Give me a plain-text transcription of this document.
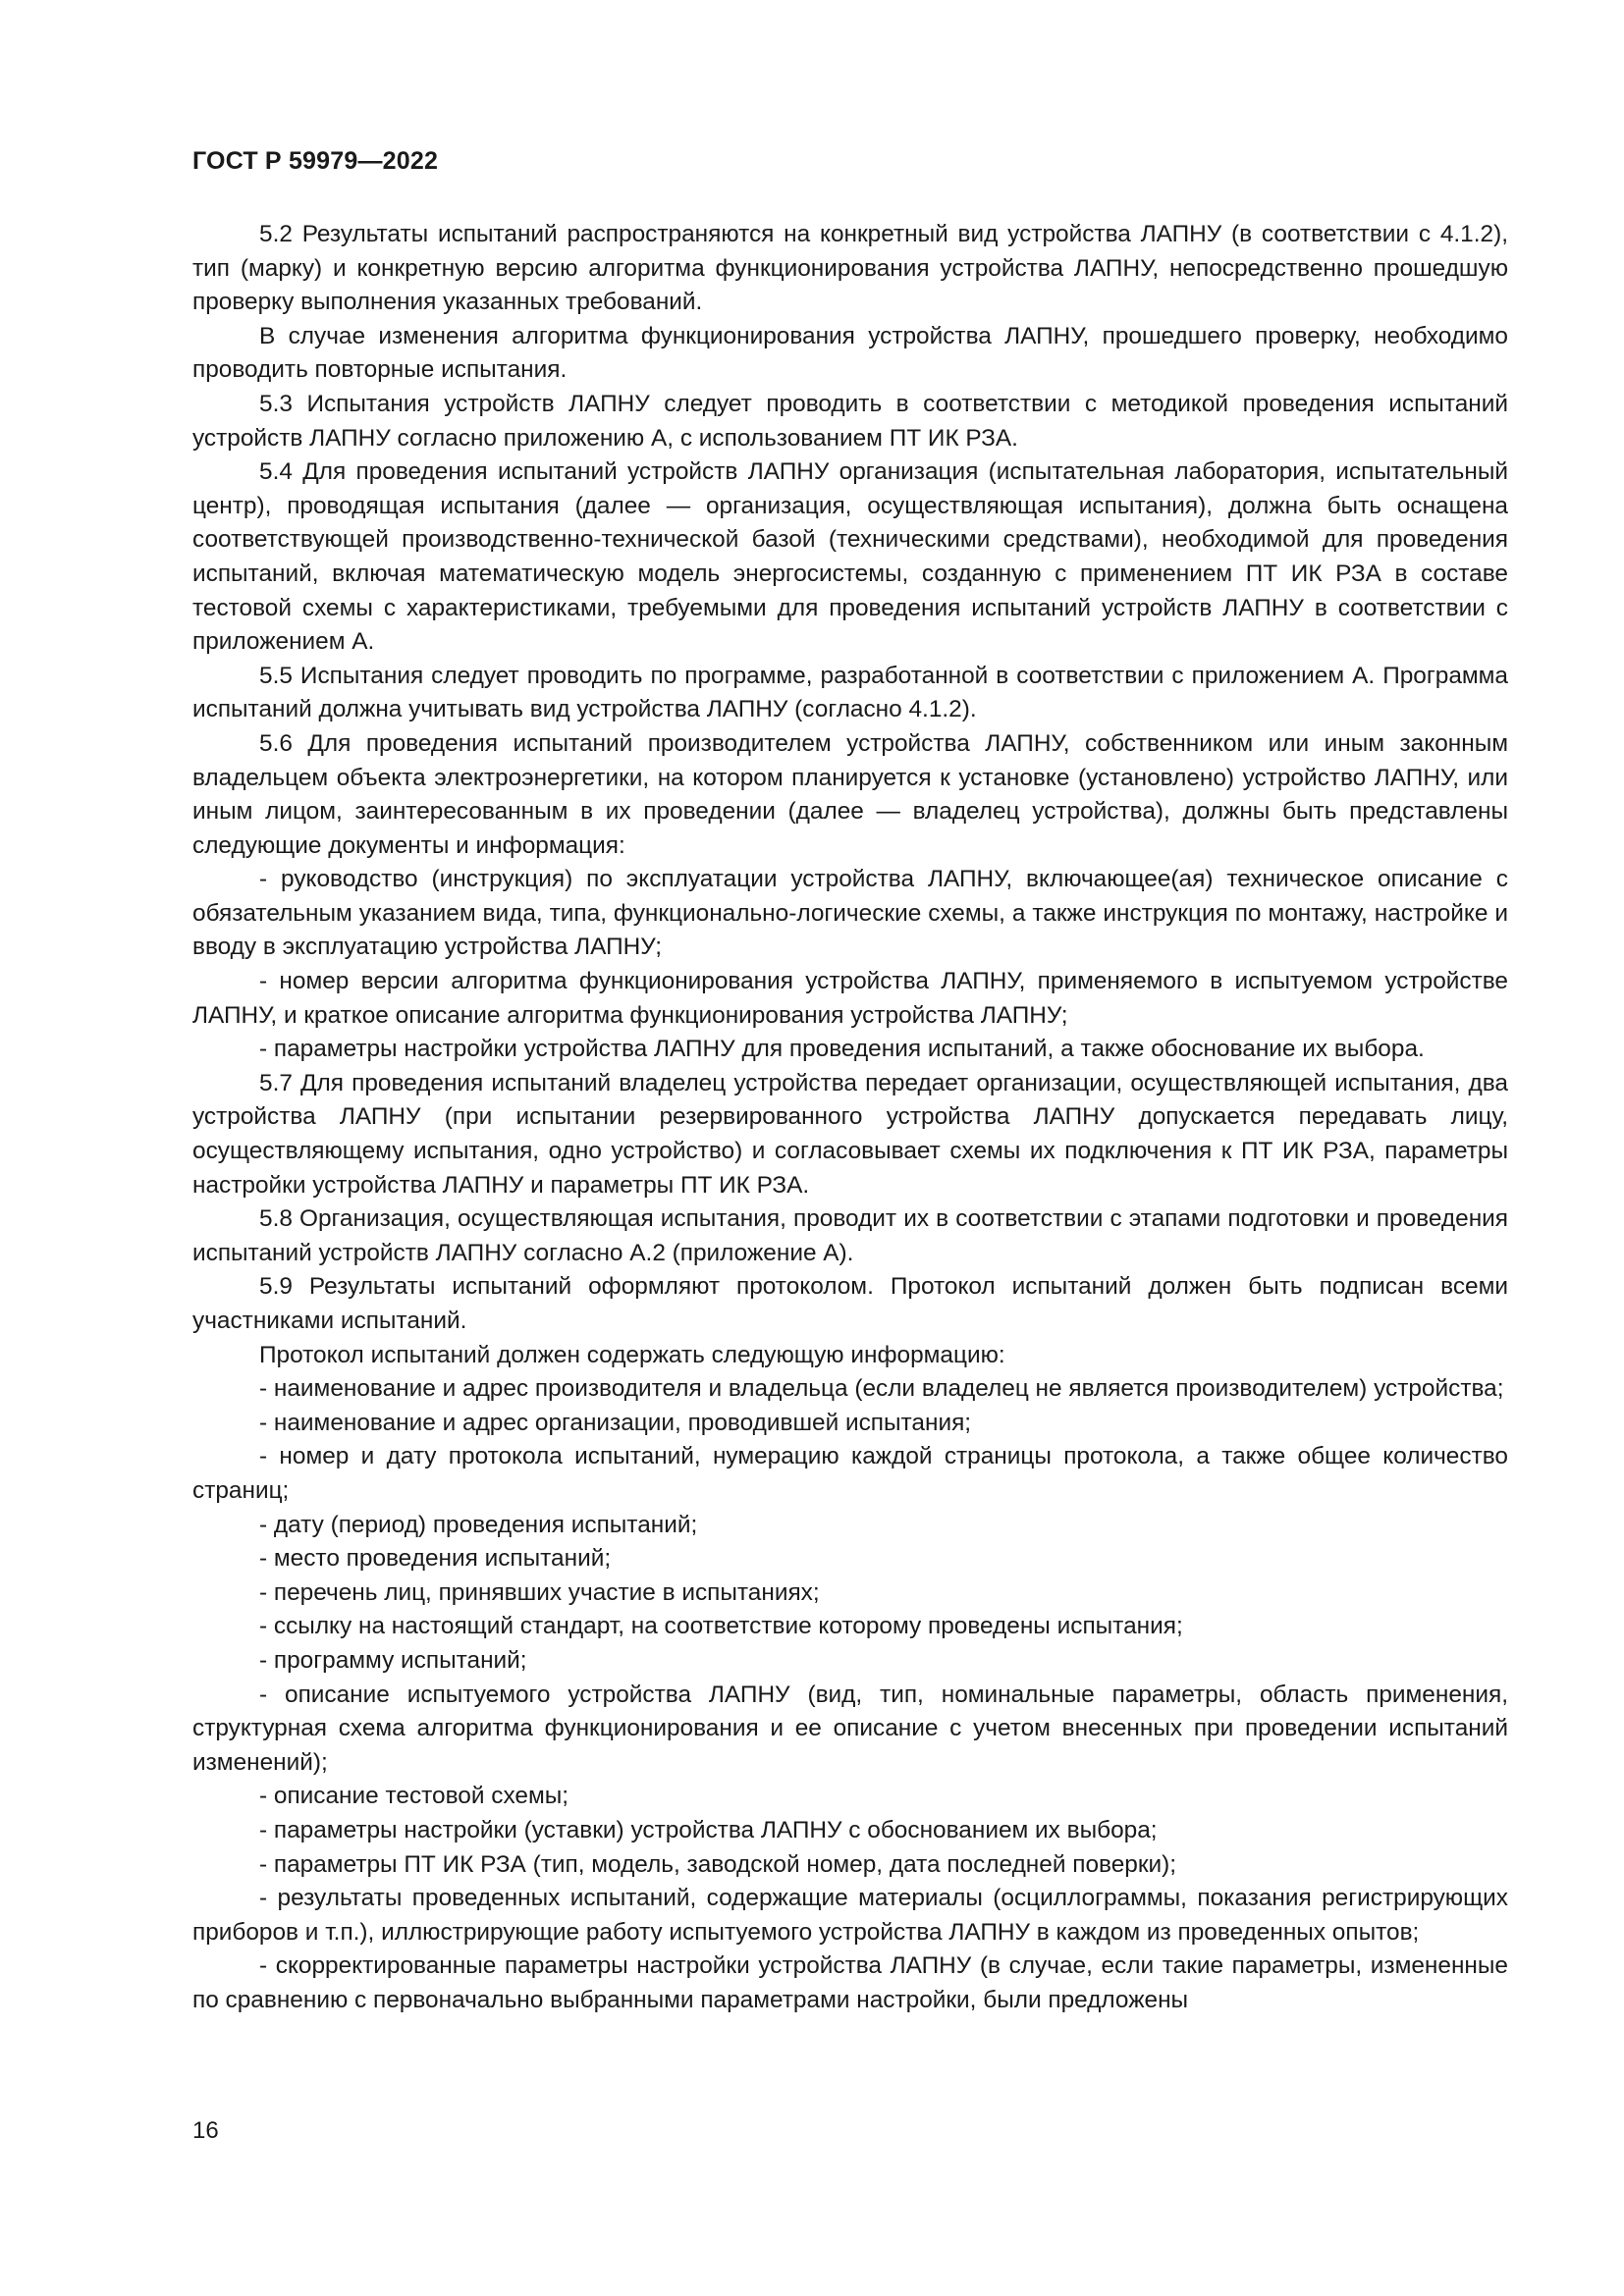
ГОСТ Р 59979—2022

5.2 Результаты испытаний распространяются на конкретный вид устройства ЛАПНУ (в соответствии с 4.1.2), тип (марку) и конкретную версию алгоритма функционирования устройства ЛАПНУ, непосредственно прошедшую проверку выполнения указанных требований.

В случае изменения алгоритма функционирования устройства ЛАПНУ, прошедшего проверку, необходимо проводить повторные испытания.

5.3 Испытания устройств ЛАПНУ следует проводить в соответствии с методикой проведения испытаний устройств ЛАПНУ согласно приложению А, с использованием ПТ ИК РЗА.

5.4 Для проведения испытаний устройств ЛАПНУ организация (испытательная лаборатория, испытательный центр), проводящая испытания (далее — организация, осуществляющая испытания), должна быть оснащена соответствующей производственно-технической базой (техническими средствами), необходимой для проведения испытаний, включая математическую модель энергосистемы, созданную с применением ПТ ИК РЗА в составе тестовой схемы с характеристиками, требуемыми для проведения испытаний устройств ЛАПНУ в соответствии с приложением А.

5.5 Испытания следует проводить по программе, разработанной в соответствии с приложением А. Программа испытаний должна учитывать вид устройства ЛАПНУ (согласно 4.1.2).

5.6 Для проведения испытаний производителем устройства ЛАПНУ, собственником или иным законным владельцем объекта электроэнергетики, на котором планируется к установке (установлено) устройство ЛАПНУ, или иным лицом, заинтересованным в их проведении (далее — владелец устройства), должны быть представлены следующие документы и информация:

- руководство (инструкция) по эксплуатации устройства ЛАПНУ, включающее(ая) техническое описание с обязательным указанием вида, типа, функционально-логические схемы, а также инструкция по монтажу, настройке и вводу в эксплуатацию устройства ЛАПНУ;

- номер версии алгоритма функционирования устройства ЛАПНУ, применяемого в испытуемом устройстве ЛАПНУ, и краткое описание алгоритма функционирования устройства ЛАПНУ;

- параметры настройки устройства ЛАПНУ для проведения испытаний, а также обоснование их выбора.

5.7 Для проведения испытаний владелец устройства передает организации, осуществляющей испытания, два устройства ЛАПНУ (при испытании резервированного устройства ЛАПНУ допускается передавать лицу, осуществляющему испытания, одно устройство) и согласовывает схемы их подключения к ПТ ИК РЗА, параметры настройки устройства ЛАПНУ и параметры ПТ ИК РЗА.

5.8 Организация, осуществляющая испытания, проводит их в соответствии с этапами подготовки и проведения испытаний устройств ЛАПНУ согласно А.2 (приложение А).

5.9 Результаты испытаний оформляют протоколом. Протокол испытаний должен быть подписан всеми участниками испытаний.

Протокол испытаний должен содержать следующую информацию:

- наименование и адрес производителя и владельца (если владелец не является производителем) устройства;

- наименование и адрес организации, проводившей испытания;

- номер и дату протокола испытаний, нумерацию каждой страницы протокола, а также общее количество страниц;

- дату (период) проведения испытаний;

- место проведения испытаний;

- перечень лиц, принявших участие в испытаниях;

- ссылку на настоящий стандарт, на соответствие которому проведены испытания;

- программу испытаний;

- описание испытуемого устройства ЛАПНУ (вид, тип, номинальные параметры, область применения, структурная схема алгоритма функционирования и ее описание с учетом внесенных при проведении испытаний изменений);

- описание тестовой схемы;

- параметры настройки (уставки) устройства ЛАПНУ с обоснованием их выбора;

- параметры ПТ ИК РЗА (тип, модель, заводской номер, дата последней поверки);

- результаты проведенных испытаний, содержащие материалы (осциллограммы, показания регистрирующих приборов и т.п.), иллюстрирующие работу испытуемого устройства ЛАПНУ в каждом из проведенных опытов;

- скорректированные параметры настройки устройства ЛАПНУ (в случае, если такие параметры, измененные по сравнению с первоначально выбранными параметрами настройки, были предложены

16
